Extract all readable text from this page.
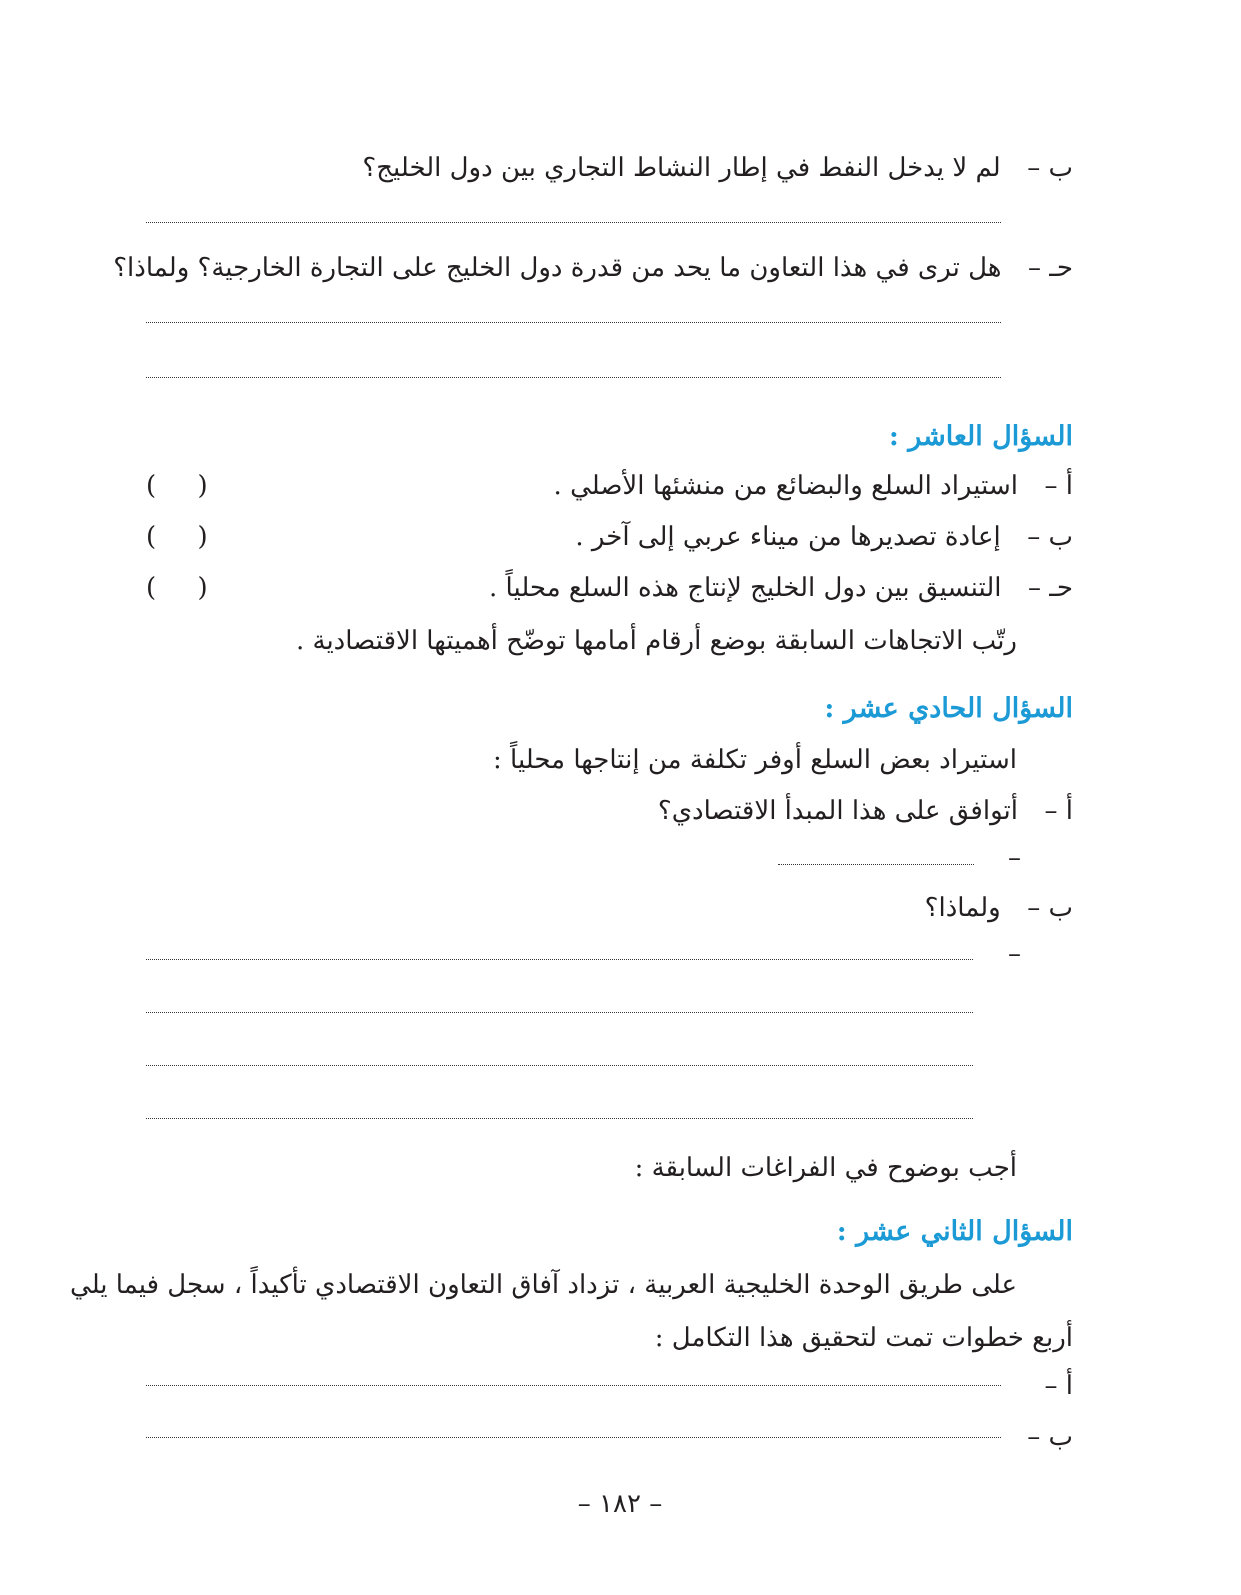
ب –  لم لا يدخل النفط في إطار النشاط التجاري بين دول الخليج؟
حـ –  هل ترى في هذا التعاون ما يحد من قدرة دول الخليج على التجارة الخارجية؟ ولماذا؟
السؤال العاشر :
أ –  استيراد السلع والبضائع من منشئها الأصلي .
(     )
ب –  إعادة تصديرها من ميناء عربي إلى آخر .
(     )
حـ –  التنسيق بين دول الخليج لإنتاج هذه السلع محلياً .
(     )
رتّب الاتجاهات السابقة بوضع أرقام أمامها توضّح أهميتها الاقتصادية .
السؤال الحادي عشر :
استيراد بعض السلع أوفر تكلفة من إنتاجها محلياً :
أ –  أتوافق على هذا المبدأ الاقتصادي؟
–
ب –  ولماذا؟
–
أجب بوضوح في الفراغات السابقة :
السؤال الثاني عشر :
على طريق الوحدة الخليجية العربية ، تزداد آفاق التعاون الاقتصادي تأكيداً ، سجل فيما يلي
أربع خطوات تمت لتحقيق هذا التكامل :
أ –
ب –
– ١٨٢ –
